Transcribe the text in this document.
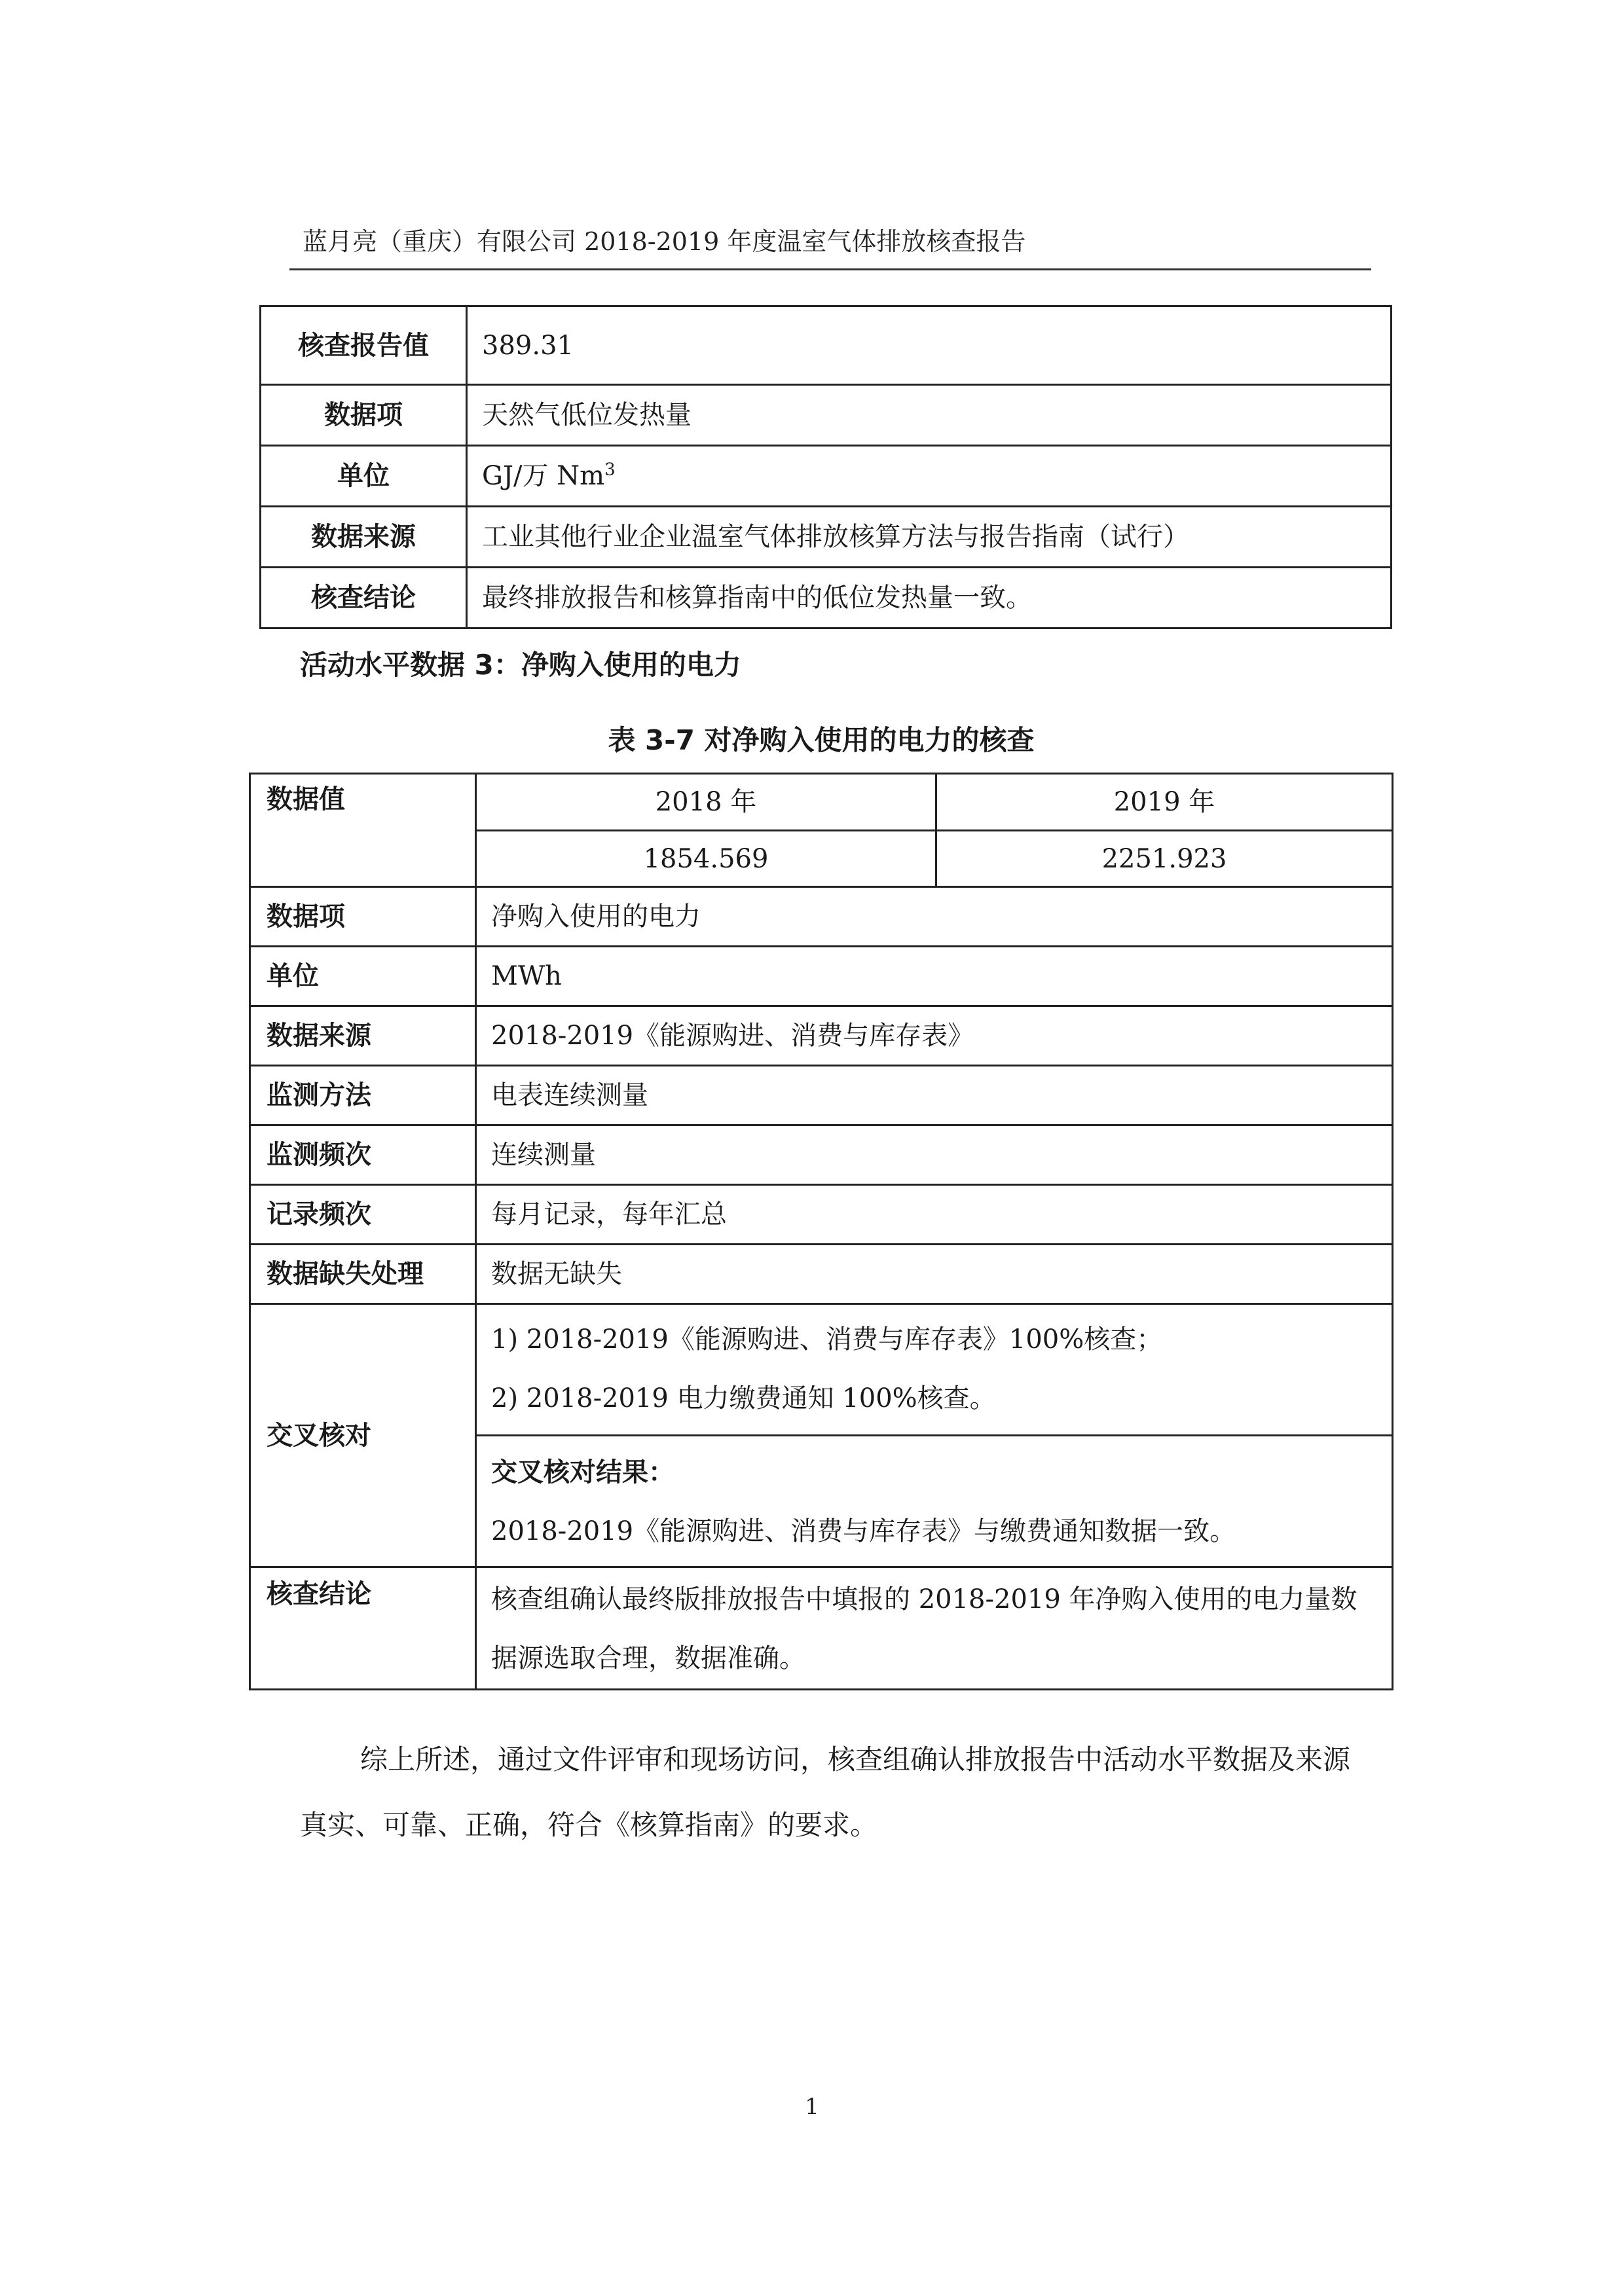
蓝月亮（重庆）有限公司 2018-2019 年度温室气体排放核查报告
核查报告值	389.31
数据项	天然气低位发热量
单位	GJ/万 Nm$^3$
数据来源	工业其他行业企业温室气体排放核算方法与报告指南（试行）
核查结论	最终排放报告和核算指南中的低位发热量一致。
活动水平数据 3：净购入使用的电力
表 3-7 对净购入使用的电力的核查
数据值	2018 年	2019 年
	1854.569	2251.923
数据项	净购入使用的电力	
单位	MWh	
数据来源	2018-2019《能源购进、消费与库存表》	
监测方法	电表连续测量	
监测频次	连续测量	
记录频次	每月记录，每年汇总	
数据缺失处理	数据无缺失	
交叉核对	1) 2018-2019《能源购进、消费与库存表》100%核查；
2) 2018-2019 电力缴费通知 100%核查。
交叉核对结果：
2018-2019《能源购进、消费与库存表》与缴费通知数据一致。	

核查结论	核查组确认最终版排放报告中填报的 2018-2019 年净购入使用的电力量数据源选取合理，数据准确。	
综上所述，通过文件评审和现场访问，核查组确认排放报告中活动水平数据及来源真实、可靠、正确，符合《核算指南》的要求。
1
